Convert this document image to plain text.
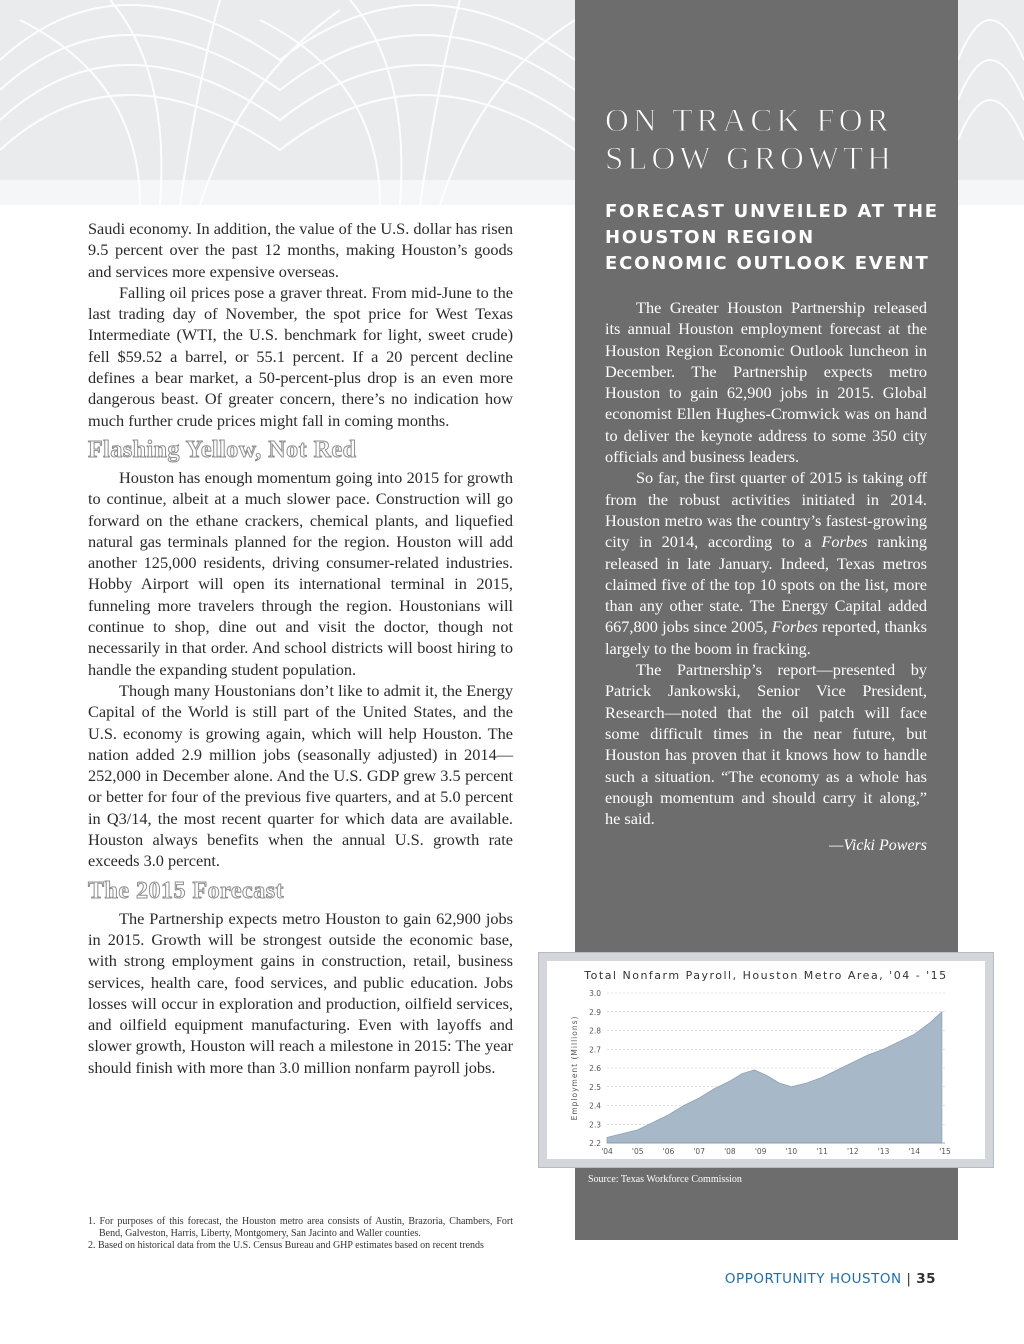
Saudi economy. In addition, the value of the U.S. dollar has risen 9.5 percent over the past 12 months, making Houston’s goods and services more expensive overseas.

Falling oil prices pose a graver threat. From mid-June to the last trading day of November, the spot price for West Texas Intermediate (WTI, the U.S. benchmark for light, sweet crude) fell $59.52 a barrel, or 55.1 percent. If a 20 percent decline defines a bear market, a 50-percent-plus drop is an even more dangerous beast. Of greater concern, there’s no indication how much further crude prices might fall in coming months.

Flashing Yellow, Not Red

Houston has enough momentum going into 2015 for growth to continue, albeit at a much slower pace. Construction will go forward on the ethane crackers, chemical plants, and liquefied natural gas terminals planned for the region. Houston will add another 125,000 residents, driving consumer-related industries. Hobby Airport will open its international terminal in 2015, funneling more travelers through the region. Houstonians will continue to shop, dine out and visit the doctor, though not necessarily in that order. And school districts will boost hiring to handle the expanding student population.

Though many Houstonians don’t like to admit it, the Energy Capital of the World is still part of the United States, and the U.S. economy is growing again, which will help Houston. The nation added 2.9 million jobs (seasonally adjusted) in 2014—252,000 in December alone. And the U.S. GDP grew 3.5 percent or better for four of the previous five quarters, and at 5.0 percent in Q3/14, the most recent quarter for which data are available. Houston always benefits when the annual U.S. growth rate exceeds 3.0 percent.

The 2015 Forecast

The Partnership expects metro Houston to gain 62,900 jobs in 2015. Growth will be strongest outside the economic base, with strong employment gains in construction, retail, business services, health care, food services, and public education. Jobs losses will occur in exploration and production, oilfield services, and oilfield equipment manufacturing. Even with layoffs and slower growth, Houston will reach a milestone in 2015: The year should finish with more than 3.0 million nonfarm payroll jobs.

1. For purposes of this forecast, the Houston metro area consists of Austin, Brazoria, Chambers, Fort Bend, Galveston, Harris, Liberty, Montgomery, San Jacinto and Waller counties.
2. Based on historical data from the U.S. Census Bureau and GHP estimates based on recent trends
ON TRACK FOR
SLOW GROWTH
FORECAST UNVEILED AT THE HOUSTON REGION ECONOMIC OUTLOOK EVENT

The Greater Houston Partnership released its annual Houston employment forecast at the Houston Region Economic Outlook luncheon in December. The Partnership expects metro Houston to gain 62,900 jobs in 2015. Global economist Ellen Hughes-Cromwick was on hand to deliver the keynote address to some 350 city officials and business leaders.

So far, the first quarter of 2015 is taking off from the robust activities initiated in 2014. Houston metro was the country’s fastest-growing city in 2014, according to a Forbes ranking released in late January. Indeed, Texas metros claimed five of the top 10 spots on the list, more than any other state. The Energy Capital added 667,800 jobs since 2005, Forbes reported, thanks largely to the boom in fracking.

The Partnership’s report—presented by Patrick Jankowski, Senior Vice President, Research—noted that the oil patch will face some difficult times in the near future, but Houston has proven that it knows how to handle such a situation. “The economy as a whole has enough momentum and should carry it along,” he said.

—Vicki Powers

Total Nonfarm Payroll, Houston Metro Area, '04 - '15
2.2
2.3
2.4
2.5
2.6
2.7
2.8
2.9
3.0
'04	'05	'06	'07	'08	'09	'10	'11	'12	'13	'14	'15
Employment (Millions)
Source: Texas Workforce Commission
OPPORTUNITY HOUSTON | 35
